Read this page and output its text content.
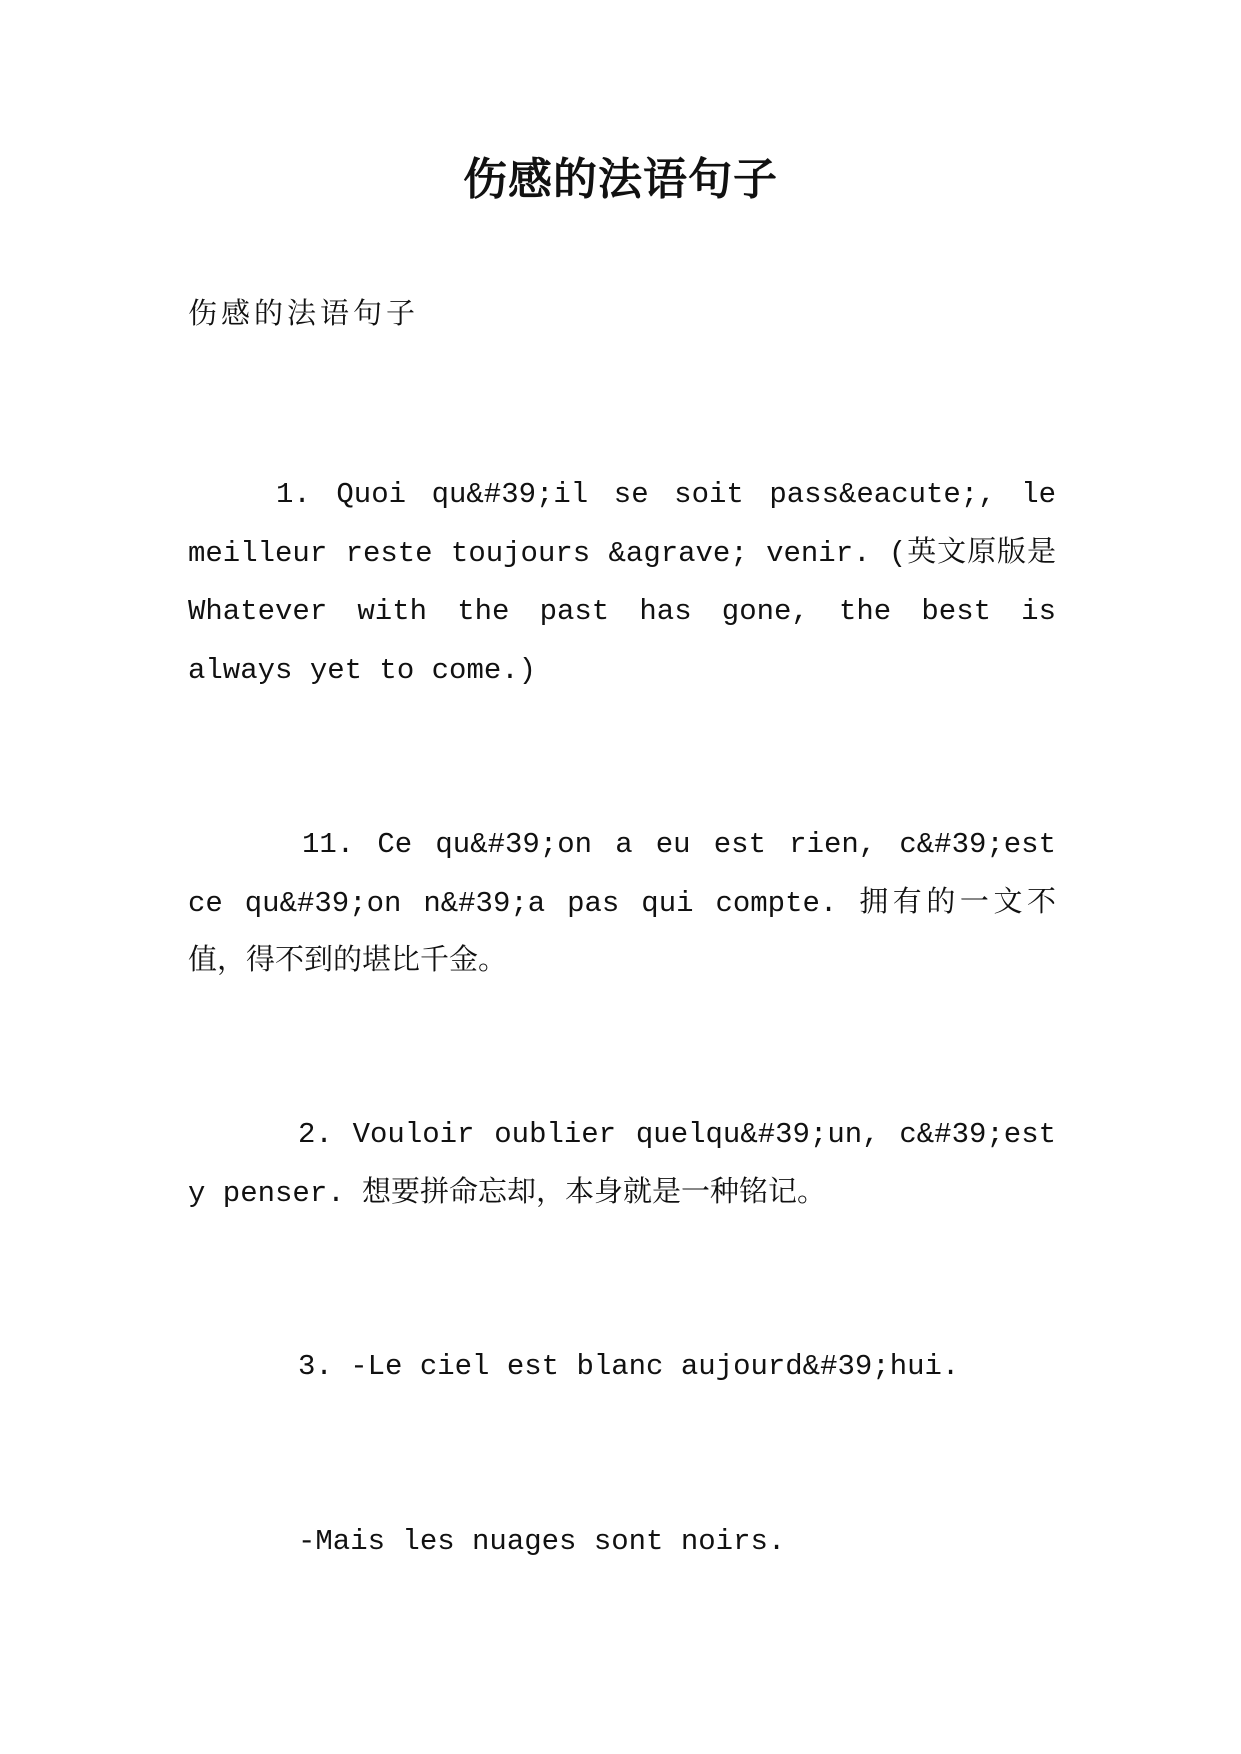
伤感的法语句子
伤感的法语句子
1. Quoi qu&#39;il se soit pass&eacute;, le meilleur reste toujours &agrave; venir. (英文原版是 Whatever with the past has gone, the best is always yet to come.)
11. Ce qu&#39;on a eu est rien, c&#39;est ce qu&#39;on n&#39;a pas qui compte. 拥有的一文不值，得不到的堪比千金。
2. Vouloir oublier quelqu&#39;un, c&#39;est y penser. 想要拼命忘却，本身就是一种铭记。
3. -Le ciel est blanc aujourd&#39;hui.
-Mais les nuages sont noirs.
